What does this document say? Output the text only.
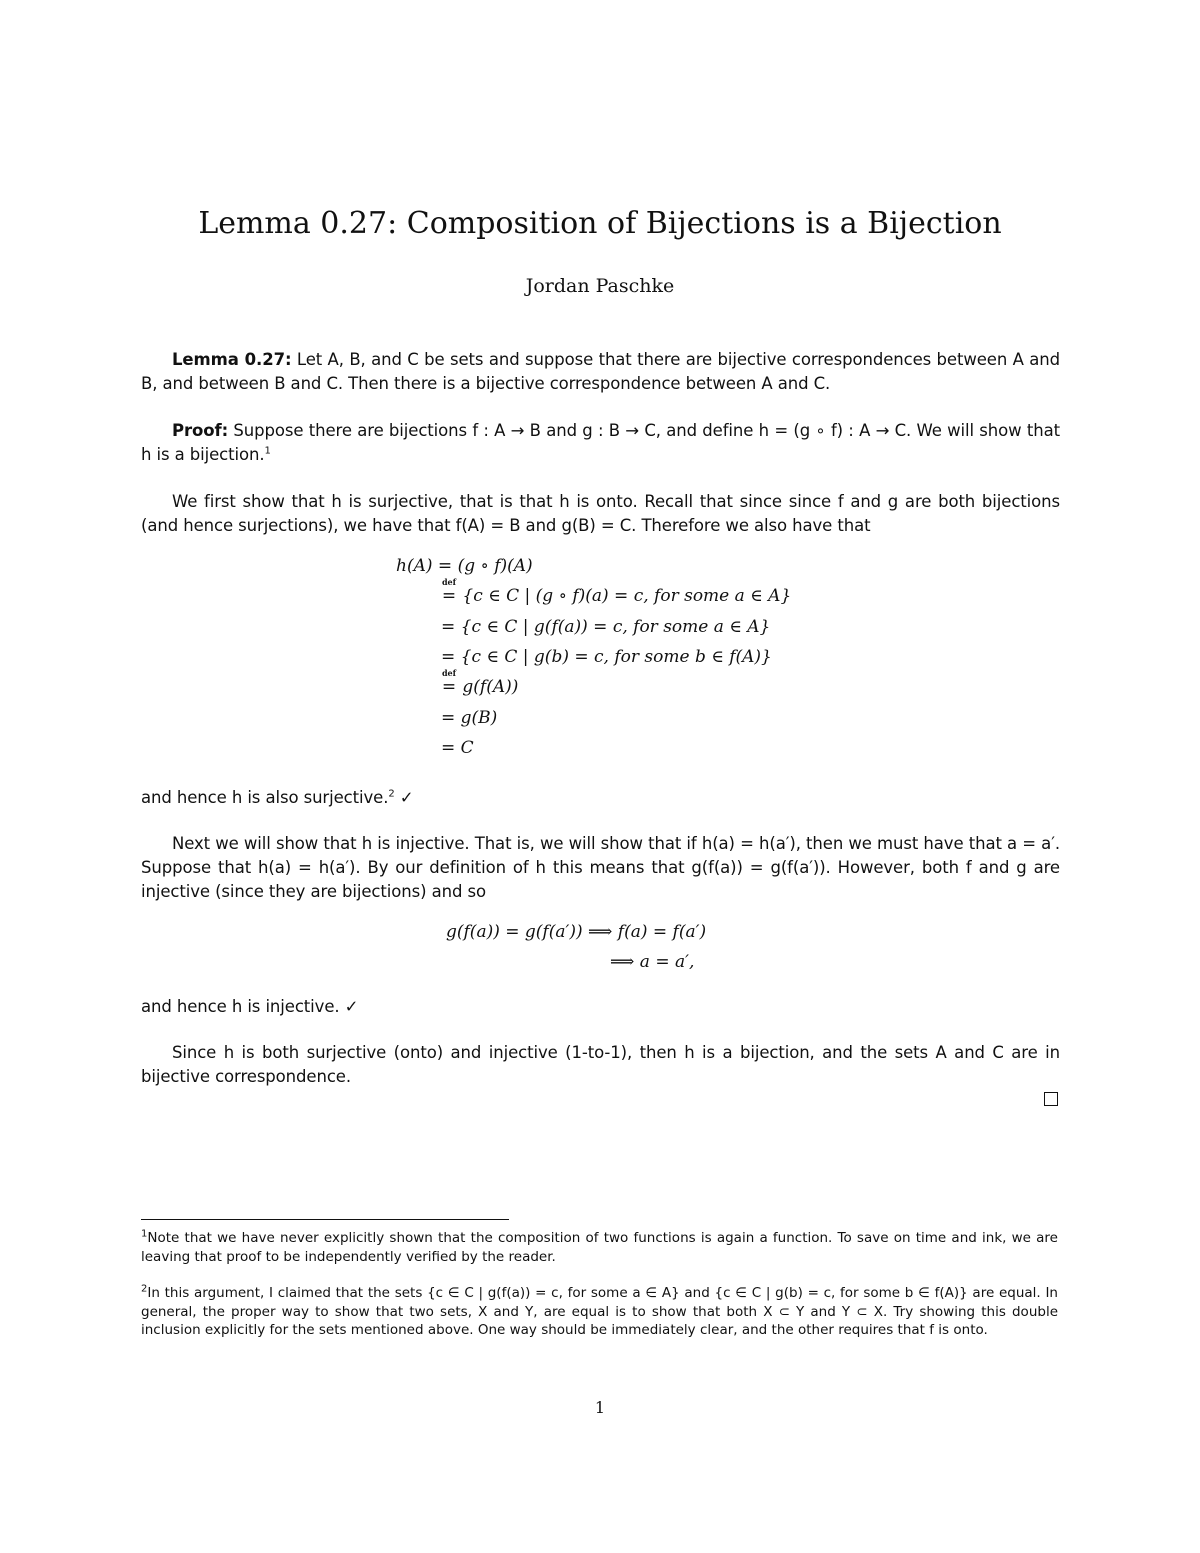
Lemma 0.27: Composition of Bijections is a Bijection
Jordan Paschke
Lemma 0.27: Let A, B, and C be sets and suppose that there are bijective correspondences between A and B, and between B and C. Then there is a bijective correspondence between A and C.
Proof: Suppose there are bijections f : A → B and g : B → C, and define h = (g ∘ f) : A → C. We will show that h is a bijection.$^1$
We first show that h is surjective, that is that h is onto. Recall that since since f and g are both bijections (and hence surjections), we have that f(A) = B and g(B) = C. Therefore we also have that
h(A) = (g ∘ f)(A)
def
= {c ∈ C | (g ∘ f)(a) = c, for some a ∈ A}
= {c ∈ C | g(f(a)) = c, for some a ∈ A}
= {c ∈ C | g(b) = c, for some b ∈ f(A)}
def
= g(f(A))
= g(B)
= C
and hence h is also surjective.$^2$ ✓
Next we will show that h is injective. That is, we will show that if h(a) = h(a′), then we must have that a = a′. Suppose that h(a) = h(a′). By our definition of h this means that g(f(a)) = g(f(a′)). However, both f and g are injective (since they are bijections) and so
g(f(a)) = g(f(a′)) ⟹ f(a) = f(a′)
⟹ a = a′,
and hence h is injective. ✓
Since h is both surjective (onto) and injective (1-to-1), then h is a bijection, and the sets A and C are in bijective correspondence.
$^1$Note that we have never explicitly shown that the composition of two functions is again a function. To save on time and ink, we are leaving that proof to be independently verified by the reader.
$^2$In this argument, I claimed that the sets {c ∈ C | g(f(a)) = c, for some a ∈ A} and {c ∈ C | g(b) = c, for some b ∈ f(A)} are equal. In general, the proper way to show that two sets, X and Y, are equal is to show that both X ⊂ Y and Y ⊂ X. Try showing this double inclusion explicitly for the sets mentioned above. One way should be immediately clear, and the other requires that f is onto.
1
